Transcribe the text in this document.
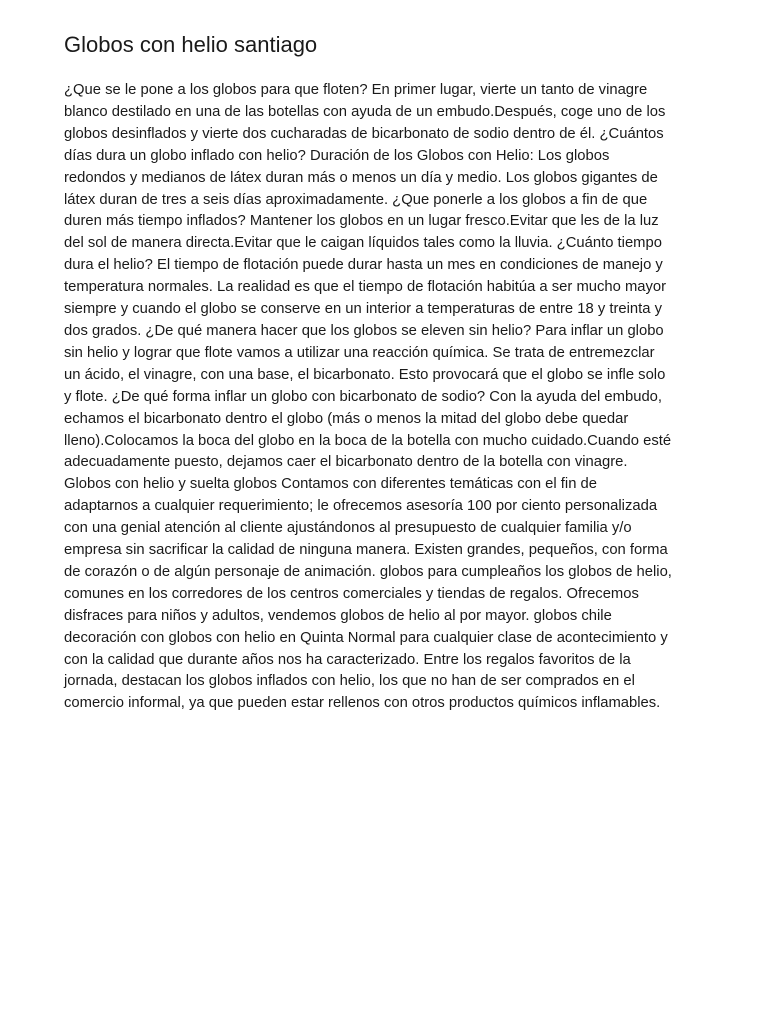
Globos con helio santiago
¿Que se le pone a los globos para que floten? En primer lugar, vierte un tanto de vinagre
blanco destilado en una de las botellas con ayuda de un embudo.Después, coge uno de los
globos desinflados y vierte dos cucharadas de bicarbonato de sodio dentro de él. ¿Cuántos
días dura un globo inflado con helio? Duración de los Globos con Helio: Los globos
redondos y medianos de látex duran más o menos un día y medio. Los globos gigantes de
látex duran de tres a seis días aproximadamente. ¿Que ponerle a los globos a fin de que
duren más tiempo inflados? Mantener los globos en un lugar fresco.Evitar que les de la luz
del sol de manera directa.Evitar que le caigan líquidos tales como la lluvia. ¿Cuánto tiempo
dura el helio? El tiempo de flotación puede durar hasta un mes en condiciones de manejo y
temperatura normales. La realidad es que el tiempo de flotación habitúa a ser mucho mayor
siempre y cuando el globo se conserve en un interior a temperaturas de entre 18 y treinta y
dos grados. ¿De qué manera hacer que los globos se eleven sin helio? Para inflar un globo
sin helio y lograr que flote vamos a utilizar una reacción química. Se trata de entremezclar
un ácido, el vinagre, con una base, el bicarbonato. Esto provocará que el globo se infle solo
y flote. ¿De qué forma inflar un globo con bicarbonato de sodio? Con la ayuda del embudo,
echamos el bicarbonato dentro el globo (más o menos la mitad del globo debe quedar
lleno).Colocamos la boca del globo en la boca de la botella con mucho cuidado.Cuando esté
adecuadamente puesto, dejamos caer el bicarbonato dentro de la botella con vinagre.
Globos con helio y suelta globos Contamos con diferentes temáticas con el fin de
adaptarnos a cualquier requerimiento; le ofrecemos asesoría 100 por ciento personalizada
con una genial atención al cliente ajustándonos al presupuesto de cualquier familia y/o
empresa sin sacrificar la calidad de ninguna manera. Existen grandes, pequeños, con forma
de corazón o de algún personaje de animación. globos para cumpleaños los globos de helio,
comunes en los corredores de los centros comerciales y tiendas de regalos. Ofrecemos
disfraces para niños y adultos, vendemos globos de helio al por mayor. globos chile
decoración con globos con helio en Quinta Normal para cualquier clase de acontecimiento y
con la calidad que durante años nos ha caracterizado. Entre los regalos favoritos de la
jornada, destacan los globos inflados con helio, los que no han de ser comprados en el
comercio informal, ya que pueden estar rellenos con otros productos químicos inflamables.
